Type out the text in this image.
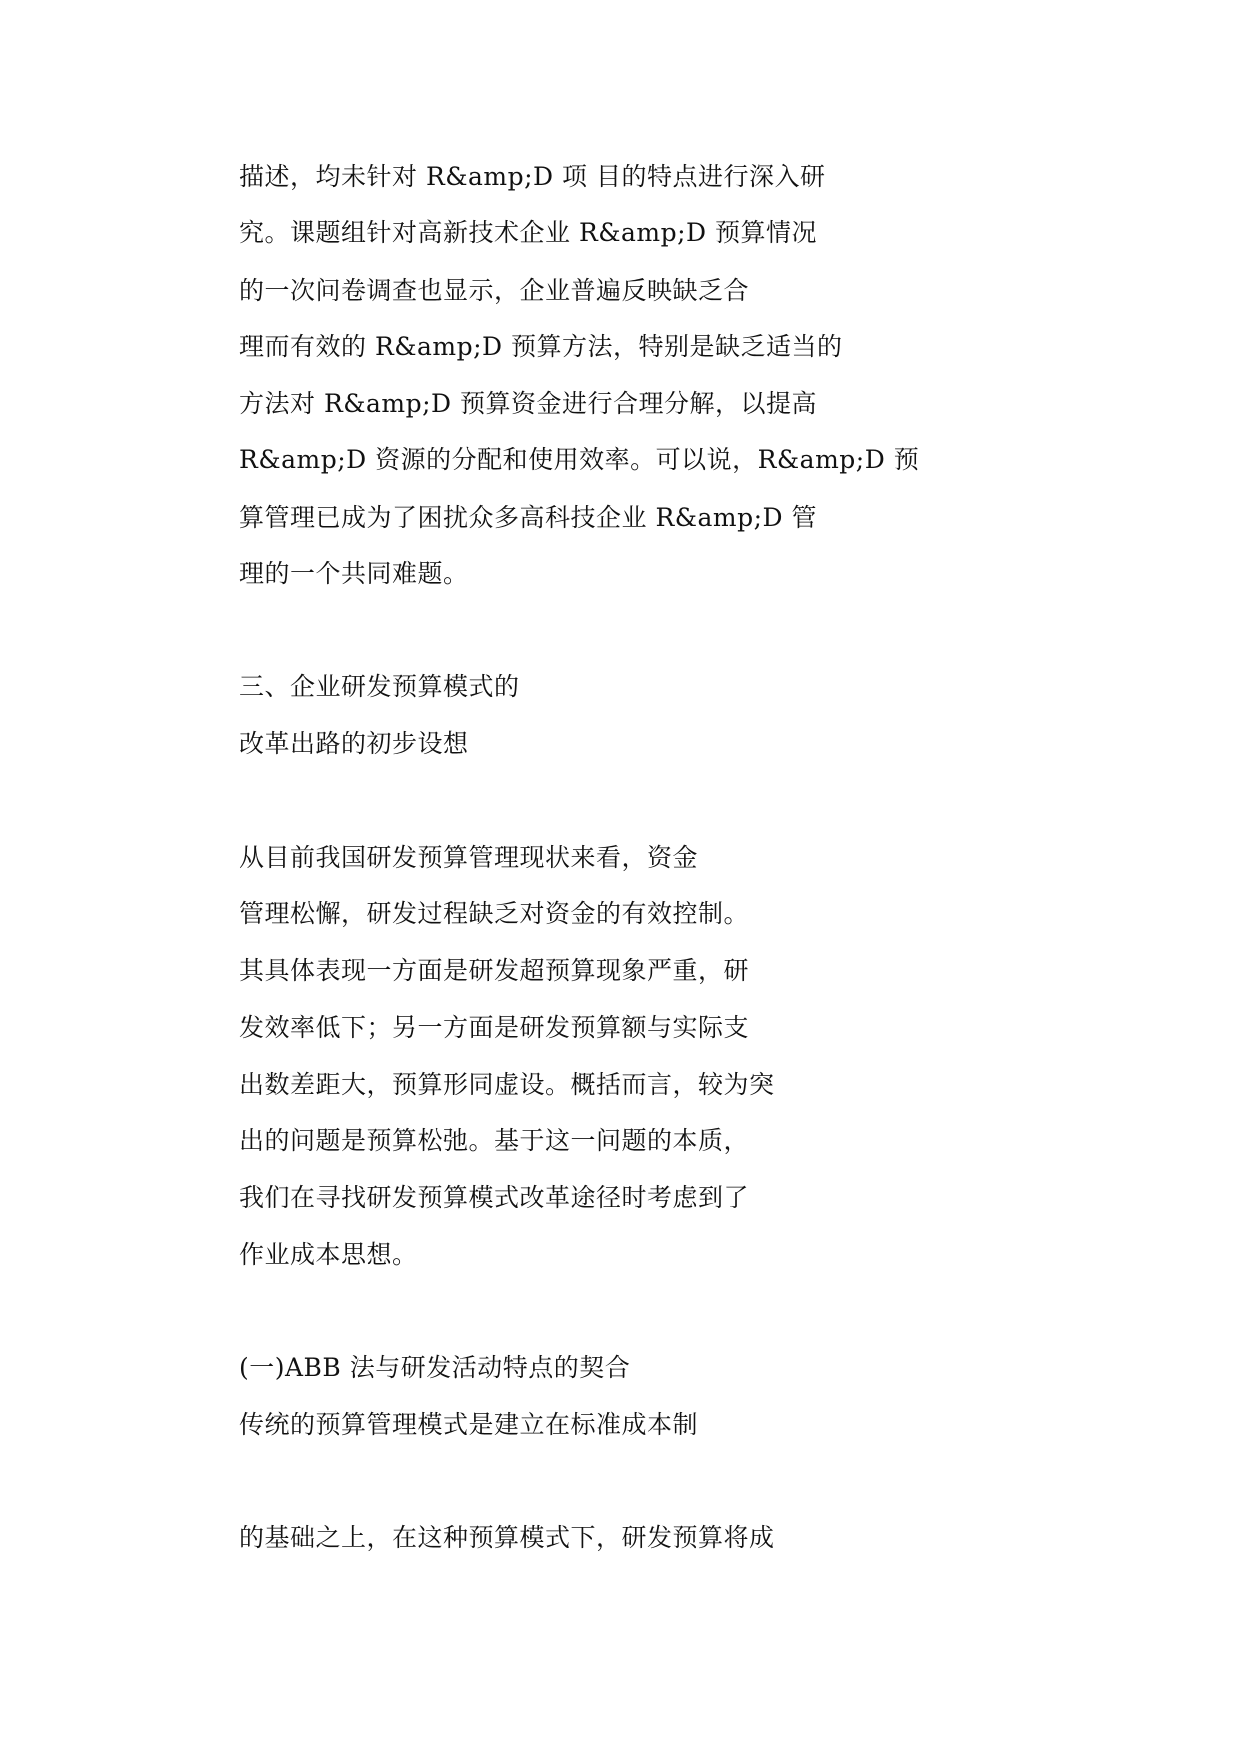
描述，均未针对 R&amp;D 项 目的特点进行深入研
究。课题组针对高新技术企业 R&amp;D 预算情况
的一次问卷调查也显示，企业普遍反映缺乏合
理而有效的 R&amp;D 预算方法，特别是缺乏适当的
方法对 R&amp;D 预算资金进行合理分解，以提高
R&amp;D 资源的分配和使用效率。可以说，R&amp;D 预
算管理已成为了困扰众多高科技企业 R&amp;D 管
理的一个共同难题。
三、企业研发预算模式的
改革出路的初步设想
从目前我国研发预算管理现状来看，资金
管理松懈，研发过程缺乏对资金的有效控制。
其具体表现一方面是研发超预算现象严重，研
发效率低下；另一方面是研发预算额与实际支
出数差距大，预算形同虚设。概括而言，较为突
出的问题是预算松弛。基于这一问题的本质，
我们在寻找研发预算模式改革途径时考虑到了
作业成本思想。
(一)ABB 法与研发活动特点的契合
传统的预算管理模式是建立在标准成本制
的基础之上，在这种预算模式下，研发预算将成
